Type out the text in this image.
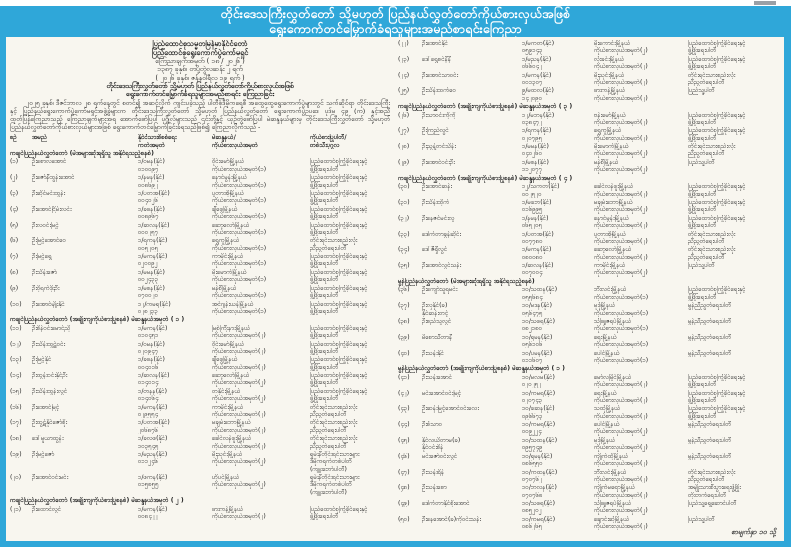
တိုင်းဒေသကြီးလွှတ်တော် သို့မဟုတ် ပြည်နယ်လွှတ်တော်ကိုယ်စားလှယ်အဖြစ်
ရွေးကောက်တင်မြှောက်ခံရသူများအမည်စာရင်းကြေညာ
ပြည်ထောင်စုသမ္မတမြန်မာနိုင်ငံတော်
ပြည်ထောင်စုရွေးကောက်ပွဲကော်မရှင်
ကြေညာချက်အမှတ် ( ၁၈ / ၂၀၂၆ )
၁၃၈၇ ခုနှစ်၊ တပို့တွဲလဆန်း ၂ ရက်
( ၂၀၂၆ ခုနှစ်၊ ဇန်နဝါရီလ ၁၉ ရက် )
တိုင်းဒေသကြီးလွှတ်တော် သို့မဟုတ် ပြည်နယ်လွှတ်တော်ကိုယ်စားလှယ်အဖြစ်
ရွေးကောက်တင်မြှောက်ခံရသူများအမည်စာရင်း ကြေညာခြင်း

၂၀၂၅ ခုနှစ်၊ ဒီဇင်ဘာလ ၂၈ ရက်နေ့တွင် စတင်၍ အဆင့်လိုက် ကျင်းပခဲ့သည့် ပါတီစုံဒီမိုကရေစီ အထွေထွေရွေးကောက်ပွဲများတွင် သက်ဆိုင်ရာ တိုင်းဒေသကြီးနှင့် ပြည်နယ်ရွေးကောက်ပွဲကော်မရှင်အဖွဲ့ခွဲများက တိုင်းဒေသကြီးလွှတ်တော် သို့မဟုတ် ပြည်နယ်လွှတ်တော် ရွေးကောက်ပွဲဥပဒေ ပုဒ်မ ၄၉ (က) နှင့်အညီ ထုတ်ပြန်ကြေညာသည့် ကြေညာချက်များအရ အောက်ဖော်ပြပါ ပုဂ္ဂိုလ်များသည် ၎င်းတို့နှင့် ယှဉ်တွဲဖော်ပြပါ မဲဆန္ဒနယ်များမှ တိုင်းဒေသကြီးလွှတ်တော် သို့မဟုတ် ပြည်နယ်လွှတ်တော်ကိုယ်စားလှယ်များအဖြစ် ရွေးကောက်တင်မြှောက်ခြင်းခံရသည်ဖြစ်၍ ကြေညာလိုက်သည် -

စဉ်	အမည်	နိုင်ငံသားစိစစ်ရေး
ကတ်အမှတ်
မဲဆန္ဒနယ်/
ကိုယ်စားလှယ်အမှတ်
ကိုယ်စားပြုပါတီ/
တစ်သီးပုဂ္ဂလ
ကချင်ပြည်နယ်လွှတ်တော် (မဲအများဆုံးရရှိသူ အနိုင်ရသည့်စနစ်)
(၁)	ဦးစောလအောင်	၁/ဝမန(နိုင်)
၀၁၀၀၉၇
ဝိုင်းမော်မြို့နယ်
ကိုယ်စားလှယ်အမှတ်(၁)
ပြည်ထောင်စုကြံ့ခိုင်ရေးနှင့်
ဖွံ့ဖြိုးရေးပါတီ
(၂)	ဦးဇော်နီထွန်းအောင်	၁/နမန(နိုင်)
၀၀၈၆၉၂
နောင်မွန်းမြို့နယ်
ကိုယ်စားလှယ်အမှတ်(၁)
ပြည်ထောင်စုကြံ့ခိုင်ရေးနှင့်
ဖွံ့ဖြိုးရေးပါတီ
(၃)	ဦးဆိုင်မင်းထွန်း	၁/ပတအ(နိုင်)
၀၀၄၀၂၆
ပူတာအိုမြို့နယ်
ကိုယ်စားလှယ်အမှတ်(၁)
ပြည်ထောင်စုကြံ့ခိုင်ရေးနှင့်
ဖွံ့ဖြိုးရေးပါတီ
(၄)	ဦးအောင်ငြိမ်းလင်း	၁/ခဖန(နိုင်)
၀၀၈၉၆၇
ချီဖွေမြို့နယ်
ကိုယ်စားလှယ်အမှတ်(၁)
ပြည်ထောင်စုကြံ့ခိုင်ရေးနှင့်
ဖွံ့ဖြိုးရေးပါတီ
(၅)	ဦးလဝင်းမြင့်	၁/ဆလန(နိုင်)
၀၀၀၂၅၇
ဆော့လော်မြို့နယ်
ကိုယ်စားလှယ်အမှတ်(၁)
ပြည်ထောင်စုကြံ့ခိုင်ရေးနှင့်
ဖွံ့ဖြိုးရေးပါတီ
(၆)	ဦးမြင့်အောင်ဝေ	၁/ရကန(နိုင်)
၀၀၅၂၀၅
ရွှေကူမြို့နယ်
ကိုယ်စားလှယ်အမှတ်(၁)
တိုင်းရင်းသားစည်းလုံး
ညီညွတ်ရေးပါတီ
(၇)	ဦးမြင့်ရွှေ	၁/မကန(နိုင်)
၀၂၀၀၉၂
ကာမိုင်းမြို့နယ်
ကိုယ်စားလှယ်အမှတ်(၁)
ပြည်ထောင်စုကြံ့ခိုင်ရေးနှင့်
ဖွံ့ဖြိုးရေးပါတီ
(၈)	ဦးသိန်းဇော်	၁/မမန(နိုင်)
၀၀၂၄၃၃
မိုးမောက်မြို့နယ်
ကိုယ်စားလှယ်အမှတ်(၁)
ပြည်ထောင်စုကြံ့ခိုင်ရေးနှင့်
ဖွံ့ဖြိုးရေးပါတီ
(၉)	ဦးဝိုရက်ဒိုးဦး	၁/မစန(နိုင်)
၀၇၀၀၂၀
မန်စီမြို့နယ်
ကိုယ်စားလှယ်အမှတ်(၁)
ပြည်ထောင်စုကြံ့ခိုင်ရေးနှင့်
ဖွံ့ဖြိုးရေးပါတီ
(၁၀)	ဦးအောင်မျိုးနိုင်	၁၂/ကမရ(နိုင်)
၀၂၈၂၃၃
အင်ဂျန်းယန်မြို့နယ်
ကိုယ်စားလှယ်အမှတ်(၁)
ပြည်ထောင်စုကြံ့ခိုင်ရေးနှင့်
ဖွံ့ဖြိုးရေးပါတီ
ကချင်ပြည်နယ်လွှတ်တော် (အချိုးကျကိုယ်စားပြုစနစ်) မဲဆန္ဒနယ်အမှတ် ( ၁ )
(၁၁)	ဦးစိန်ဝင်းမောင်ညို	၁/မကန(နိုင်)
၀၁၀၄၅၁
မြစ်ကြီးနားမြို့နယ်
ကိုယ်စားလှယ်အမှတ်(၂)
ပြည်ထောင်စုကြံ့ခိုင်ရေးနှင့်
ဖွံ့ဖြိုးရေးပါတီ
(၁၂)	ဦးသိန်းထွဋ်ဝင်း	၁/ဝမန(နိုင်)
၀၂၀၉၄၇
ဝိုင်းမော်မြို့နယ်
ကိုယ်စားလှယ်အမှတ်(၂)
ပြည်ထောင်စုကြံ့ခိုင်ရေးနှင့်
ဖွံ့ဖြိုးရေးပါတီ
(၁၃)	ဦးမြင့်နိုင်	၁/ခဖန(နိုင်)
၀၀၄၀၁၆
ချီဖွေမြို့နယ်
ကိုယ်စားလှယ်အမှတ်(၂)
ပြည်ထောင်စုကြံ့ခိုင်ရေးနှင့်
ဖွံ့ဖြိုးရေးပါတီ
(၁၄)	ဦးထွန်းဝင်းနိုင်ဦး	၁/ဆလန(နိုင်)
၀၁၄၀၁၄
ဆော့လော်မြို့နယ်
ကိုယ်စားလှယ်အမှတ်(၂)
ပြည်ထောင်စုကြံ့ခိုင်ရေးနှင့်
ဖွံ့ဖြိုးရေးပါတီ
(၁၅)	ဦးသိန်းထွန်းလွင်	၁/တနန(နိုင်)
၀၁၄၀၆၄
တနိုင်းမြို့နယ်
ကိုယ်စားလှယ်အမှတ်(၂)
ပြည်ထောင်စုကြံ့ခိုင်ရေးနှင့်
ဖွံ့ဖြိုးရေးပါတီ
(၁၆)	ဦးအောင်မြင့်	၁/မကန(နိုင်)
၀၂၉၅၅၄
ကာမိုင်းမြို့နယ်
ကိုယ်စားလှယ်အမှတ်(၂)
တိုင်းရင်းသားစည်းလုံး
ညီညွတ်ရေးပါတီ
(၁၇)	ဦးထွဋ်နိုင်ဇော်စိုး	၁/ပတအ(နိုင်)
၂၀၆၈၇၆
မချမ်းဘောမြို့နယ်
ကိုယ်စားလှယ်အမှတ်(၂)
တိုင်းရင်းသားစည်းလုံး
ညီညွတ်ရေးပါတီ
(၁၈)	ဒေါ်မူယာထွန်း	၁/ခလဖ(နိုင်)
၁၀၃၅၄၅
ခေါင်လန်ဖူးမြို့နယ်
ကိုယ်စားလှယ်အမှတ်(၂)
တိုင်းရင်းသားစည်းလုံး
ညီညွတ်ရေးပါတီ
(၁၉)	ဦးမြင့်ဇော်	၁/မညန(နိုင်)
၀၁၁၂၄၆
မိုးညှင်းမြို့နယ်
ကိုယ်စားလှယ်အမှတ်(၂)
ရှမ်းနီတိုင်းရင်းသားများ
ဒီမိုကရက်တစ်ပါတီ
(ကျူးဘော်ပါတီ)
(၂၀)	ဦးအောင်ဝင်းမင်း	၁/ဖကန(နိုင်)
၀၁၅၈၅၅
ဟိုပင်မြို့နယ်
ကိုယ်စားလှယ်အမှတ်(၂)
ရှမ်းနီတိုင်းရင်းသားများ
ဒီမိုကရက်တစ်ပါတီ
(ကျူးဘော်ပါတီ)
ကချင်ပြည်နယ်လွှတ်တော် (အချိုးကျကိုယ်စားပြုစနစ်) မဲဆန္ဒနယ်အမှတ် ( ၂ )
(၂၁)	ဦးထောင်လွင်	၁/မကန(နိုင်)
၀၀၈၄၂၂
ဖားကန့်မြို့နယ်
ကိုယ်စားလှယ်အမှတ်(၂)
ပြည်ထောင်စုကြံ့ခိုင်ရေးနှင့်
ဖွံ့ဖြိုးရေးပါတီ
(၂၂)	ဦးအောင်နိုင်	၁/မကတ(နိုင်)
၀၅၉၁၄၃
မိုးကောင်းမြို့နယ်
ကိုယ်စားလှယ်အမှတ်(၂)
ပြည်ထောင်စုကြံ့ခိုင်ရေးနှင့်
ဖွံ့ဖြိုးရေးပါတီ
(၂၃)	ဒေါ်ရွှေစင်နီနီ	၁/မညန(နိုင်)
၀၆၆၀၄၂
လုံးခင်းမြို့နယ်
ကိုယ်စားလှယ်အမှတ်(၂)
ပြည်ထောင်စုကြံ့ခိုင်ရေးနှင့်
ဖွံ့ဖြိုးရေးပါတီ
(၂၄)	ဦးအောင်သာဝင်း	၁/မကန(နိုင်)
၀၀၁၃၀၇
မိုးညှင်းမြို့နယ်
ကိုယ်စားလှယ်အမှတ်(၂)
တိုင်းရင်းသားစည်းလုံး
ညီညွတ်ရေးပါတီ
(၂၅)	ဦးသိန်းထက်ဝေ	၉/မထလ(နိုင်)
၁၄၂၀၉၀
ဖားကန့်မြို့နယ်
ကိုယ်စားလှယ်အမှတ်(၂)
ပြည်သူ့ပါတီ
ကချင်ပြည်နယ်လွှတ်တော် (အချိုးကျကိုယ်စားပြုစနစ်) မဲဆန္ဒနယ်အမှတ် ( ၃ )
(၂၆)	ဦးသာဝင်းကိုကို	၁၂/မဘန(နိုင်)
၀၃၈၄၇၂
ဗန်းမော်မြို့နယ်
ကိုယ်စားလှယ်အမှတ်(၂)
ပြည်ထောင်စုကြံ့ခိုင်ရေးနှင့်
ဖွံ့ဖြိုးရေးပါတီ
(၂၇)	ဦးကြည်လွင်	၁/ရကန(နိုင်)
၀၂၀၇၉၅
ရွှေကူမြို့နယ်
ကိုယ်စားလှယ်အမှတ်(၂)
ပြည်ထောင်စုကြံ့ခိုင်ရေးနှင့်
ဖွံ့ဖြိုးရေးပါတီ
(၂၈)	ဦးညွန့်တင်သိန်း	၁/မမန(နိုင်)
၀၄၀၂၆၀
မိုးမောက်မြို့နယ်
ကိုယ်စားလှယ်အမှတ်(၂)
တိုင်းရင်းသားစည်းလုံး
ညီညွတ်ရေးပါတီ
(၂၉)	ဦးအောင်ဝင်းဦး	၁/မစန(နိုင်)
၁၁၂၀၇၇
မန်စီမြို့နယ်
ကိုယ်စားလှယ်အမှတ်(၂)
ပြည်သူ့ပါတီ
ကချင်ပြည်နယ်လွှတ်တော် (အချိုးကျကိုယ်စားပြုစနစ်) မဲဆန္ဒနယ်အမှတ် ( ၄ )
(၃၀)	ဦးအောင်ဆန်း	၁၂/သကတ(နိုင်)
၀၀၂၅၂၀
ခေါင်လန်ဖူးမြို့နယ်
ကိုယ်စားလှယ်အမှတ်(၂)
ပြည်ထောင်စုကြံ့ခိုင်ရေးနှင့်
ဖွံ့ဖြိုးရေးပါတီ
(၃၁)	ဦးသိန်းထိုက်	၁/မခဘ(နိုင်)
၀၁၆၉၉၅
မချမ်းဘောမြို့နယ်
ကိုယ်စားလှယ်အမှတ်(၂)
ပြည်ထောင်စုကြံ့ခိုင်ရေးနှင့်
ဖွံ့ဖြိုးရေးပါတီ
(၃၂)	ဦးနေဇင်မင်းလူ	၁/နမန(နိုင်)
၀၆၅၂၀၅
နောင်မွန်းမြို့နယ်
ကိုယ်စားလှယ်အမှတ်(၂)
ပြည်ထောင်စုကြံ့ခိုင်ရေးနှင့်
ဖွံ့ဖြိုးရေးပါတီ
(၃၃)	ဒေါက်တာခွန်ဆိုင်း	၁/ပတအ(နိုင်)
၀၀၇၇၈၀
ပူတာအိုမြို့နယ်
ကိုယ်စားလှယ်အမှတ်(၂)
တိုင်းရင်းသားစည်းလုံး
ညီညွတ်ရေးပါတီ
(၃၄)	ဒေါ်ဇီရှီလွင်	၁/မကန(နိုင်)
၀၈၀၀၈၀
ဆော့လော်မြို့နယ်
ကိုယ်စားလှယ်အမှတ်(၂)
တိုင်းရင်းသားစည်းလုံး
ညီညွတ်ရေးပါတီ
(၃၅)	ဦးအောင်လွင်သန်း	၁/ဆလန(နိုင်)
၀၀၇၀၀၄
ကာမိုင်းမြို့နယ်
ကိုယ်စားလှယ်အမှတ်(၂)
ပြည်သူ့ပါတီ
မွန်ပြည်နယ်လွှတ်တော် (မဲအများဆုံးရရှိသူ အနိုင်ရသည့်စနစ်)
(၃၆)	ဦးကျော်သူရမင်း	၁၀/သထန(နိုင်)
၀၅၅၆၈၄
ဘီးလင်းမြို့နယ်
ကိုယ်စားလှယ်အမှတ်(၁)
ပြည်ထောင်စုကြံ့ခိုင်ရေးနှင့်
ဖွံ့ဖြိုးရေးပါတီ
(၃၇)	ဦးလှနိုင်(ခ)
နိုင်ဆန်းတင့်
၁၀/မဒန(နိုင်)
၀၅၆၄၇၅
မုဒုံမြို့နယ်
ကိုယ်စားလှယ်အမှတ်(၁)
မွန်ညီညွတ်ရေးပါတီ
(၃၈)	ဦးစည်သူလွင်	၁၀/သဖရ(နိုင်)
၀၈၂၁၈၀
သံဖြူဇရပ်မြို့နယ်
ကိုယ်စားလှယ်အမှတ်(၁)
မွန်ညီညွတ်ရေးပါတီ
(၃၉)	မိစောသီတာနီ	၁၀/ရမန(နိုင်)
၀၅၆၁၀၆
ရေးမြို့နယ်
ကိုယ်စားလှယ်အမှတ်(၁)
မွန်ညီညွတ်ရေးပါတီ
(၄၀)	ဦးသန်းနိုင်	၁၀/ပမန(နိုင်)
၀၁၁၆၀၇
ပေါင်မြို့နယ်
ကိုယ်စားလှယ်အမှတ်(၁)
မွန်ညီညွတ်ရေးပါတီ
မွန်ပြည်နယ်လွှတ်တော် (အချိုးကျကိုယ်စားပြုစနစ်) မဲဆန္ဒနယ်အမှတ် ( ၁ )
(၄၁)	ဦးသန်းအောင်	၁၀/မလမ(နိုင်)
၀၂၀၂၅၂
မော်လမြိုင်မြို့နယ်
ကိုယ်စားလှယ်အမှတ်(၂)
ပြည်ထောင်စုကြံ့ခိုင်ရေးနှင့်
ဖွံ့ဖြိုးရေးပါတီ
(၄၂)	မင်းအောင်ဝင်းမြင့်	၁၀/ကမရ(နိုင်)
၀၂၀၇၄၃
ရေးမြို့နယ်
ကိုယ်စားလှယ်အမှတ်(၂)
ပြည်ထောင်စုကြံ့ခိုင်ရေးနှင့်
ဖွံ့ဖြိုးရေးပါတီ
(၄၃)	ဦးဆန်းမြင့်အောင်ဝင်းလေး	၁၀/ခဆန(နိုင်)
၀၉၆၆၇၃
သထုံမြို့နယ်
ကိုယ်စားလှယ်အမှတ်(၂)
ပြည်ထောင်စုကြံ့ခိုင်ရေးနှင့်
ဖွံ့ဖြိုးရေးပါတီ
(၄၄)	ဦးစံသာဝ	၁၀/ကမရ(နိုင်)
၀၀၉၂၂၄
ပေါင်မြို့နယ်
ကိုယ်စားလှယ်အမှတ်(၂)
မွန်ညီညွတ်ရေးပါတီ
(၄၅)	နိုင်လယိတာမ(ခ)
နိုင်ဝင်းစိန်
၁၀/သထန(နိုင်)
၀၉၅၇၄၉
မုဒုံမြို့နယ်
ကိုယ်စားလှယ်အမှတ်(၂)
မွန်ညီညွတ်ရေးပါတီ
(၄၆)	မင်းဇော်ဝင်းလွင်	၁၀/ရမန(နိုင်)
၀၈၆၅၅၀
ကျိုက်ထိုမြို့နယ်
ကိုယ်စားလှယ်အမှတ်(၂)
မွန်ညီညွတ်ရေးပါတီ
(၄၇)	ဦးသန်းရိန်	၁၀/ကထန(နိုင်)
၀၇၀၇၆၂
ဘီးလင်းမြို့နယ်
ကိုယ်စားလှယ်အမှတ်(၂)
တိုင်းရင်းသားစည်းလုံး
ညီညွတ်ရေးပါတီ
(၄၈)	ဦးသန်းစော	၁၀/ဘလန(နိုင်)
၀၇၀၇၆၈
ကျိုက်မရောမြို့နယ်
ကိုယ်စားလှယ်အမှတ်(၂)
အမျိုးသားစီးပွားရေးဖွံ့ဖြိုး
တိုးတက်ရေးပါတီ
(၄၉)	ဒေါက်တာနိုင်စိုးအောင်	၁၀/သဖရ(နိုင်)
၀၈၅၂၀၂
သံဖြူဇရပ်မြို့နယ်
ကိုယ်စားလှယ်အမှတ်(၂)
ပြည်သူ့ရှေ့ဆောင်ပါတီ
(၅၀)	ဦးနေအောင်(ခ)ကိုဝင်းသန်း	၁၀/ကမရ(နိုင်)
၀၈၆၂၆၅
ချောင်းဆုံမြို့နယ်
ကိုယ်စားလှယ်အမှတ်(၂)
ပြည်သူ့ပါတီ
စာမျက်နှာ ၁၀ သို့
